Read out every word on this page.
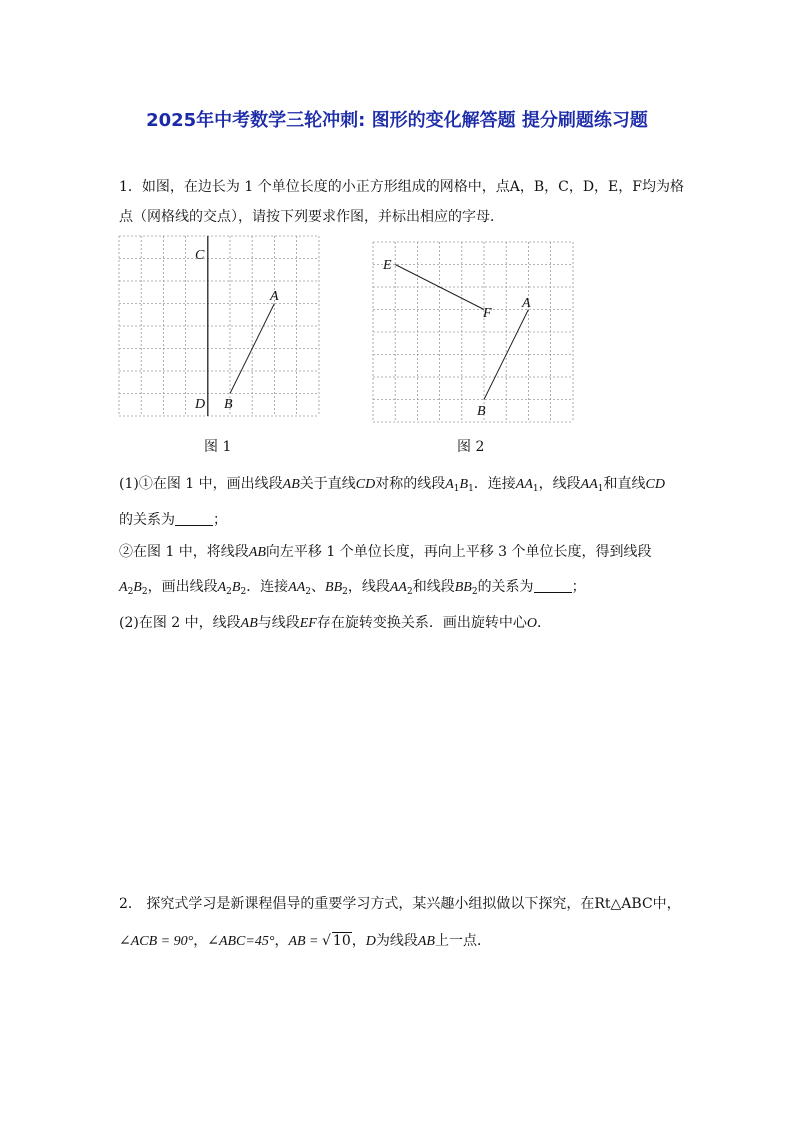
2025年中考数学三轮冲刺: 图形的变化解答题 提分刷题练习题
1．如图，在边长为 1 个单位长度的小正方形组成的网格中，点A，B，C，D，E，F均为格
点（网格线的交点），请按下列要求作图，并标出相应的字母．
C
A
D B
E
F
A
B
图 1	图 2
(1)①在图 1 中，画出线段AB关于直线CD对称的线段$A_1B_1$．连接$AA_1$，线段$AA_1$和直线CD
的关系为	；
②在图 1 中，将线段AB向左平移 1 个单位长度，再向上平移 3 个单位长度，得到线段
$A_2B_2$，画出线段$A_2B_2$．连接$AA_2$、$BB_2$，线段$AA_2$和线段$BB_2$的关系为	；
(2)在图 2 中，线段AB与线段EF存在旋转变换关系．画出旋转中心O．
2． 探究式学习是新课程倡导的重要学习方式，某兴趣小组拟做以下探究，在Rt△ABC中，
∠ACB = 90°，∠ABC=45°，AB = √ 10，D为线段AB上一点．
